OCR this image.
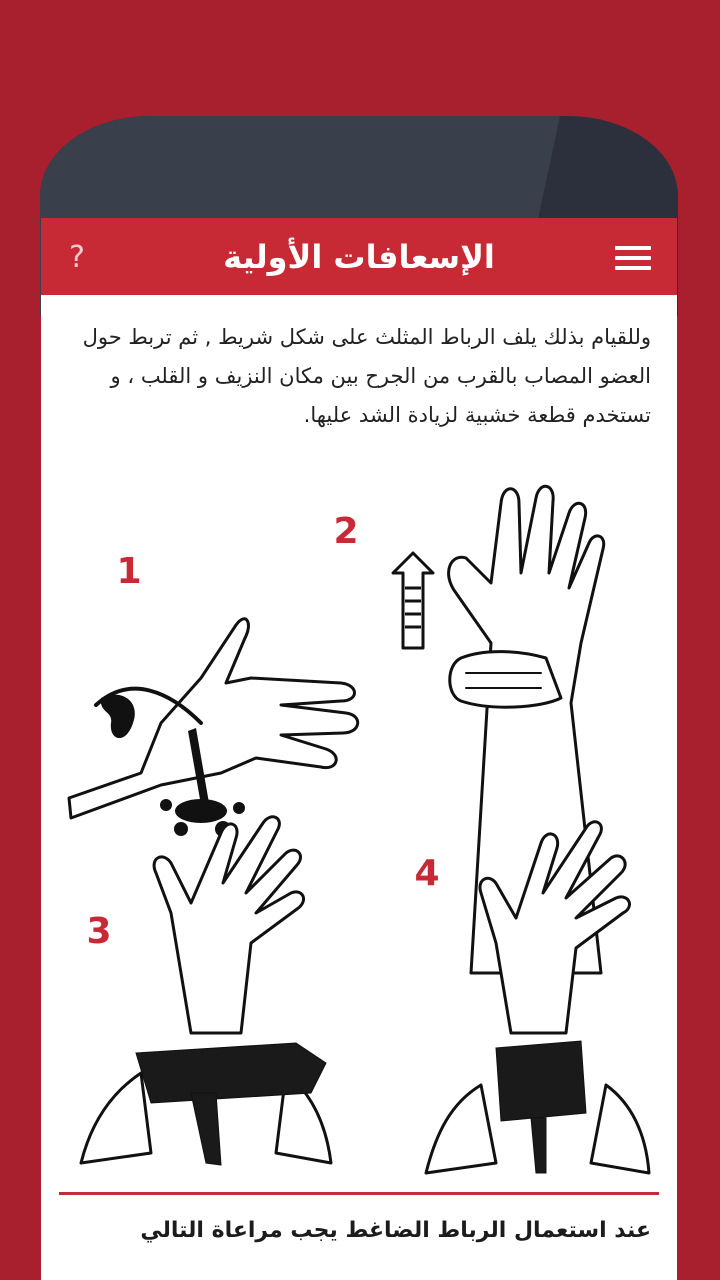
?	الإسعافات الأولية
وللقيام بذلك يلف الرباط المثلث على شكل شريط , ثم تربط حول العضو المصاب بالقرب من الجرح بين مكان النزيف و القلب ، و تستخدم قطعة خشبية لزيادة الشد عليها.
1
2
3
4
عند استعمال الرباط الضاغط يجب مراعاة التالي
